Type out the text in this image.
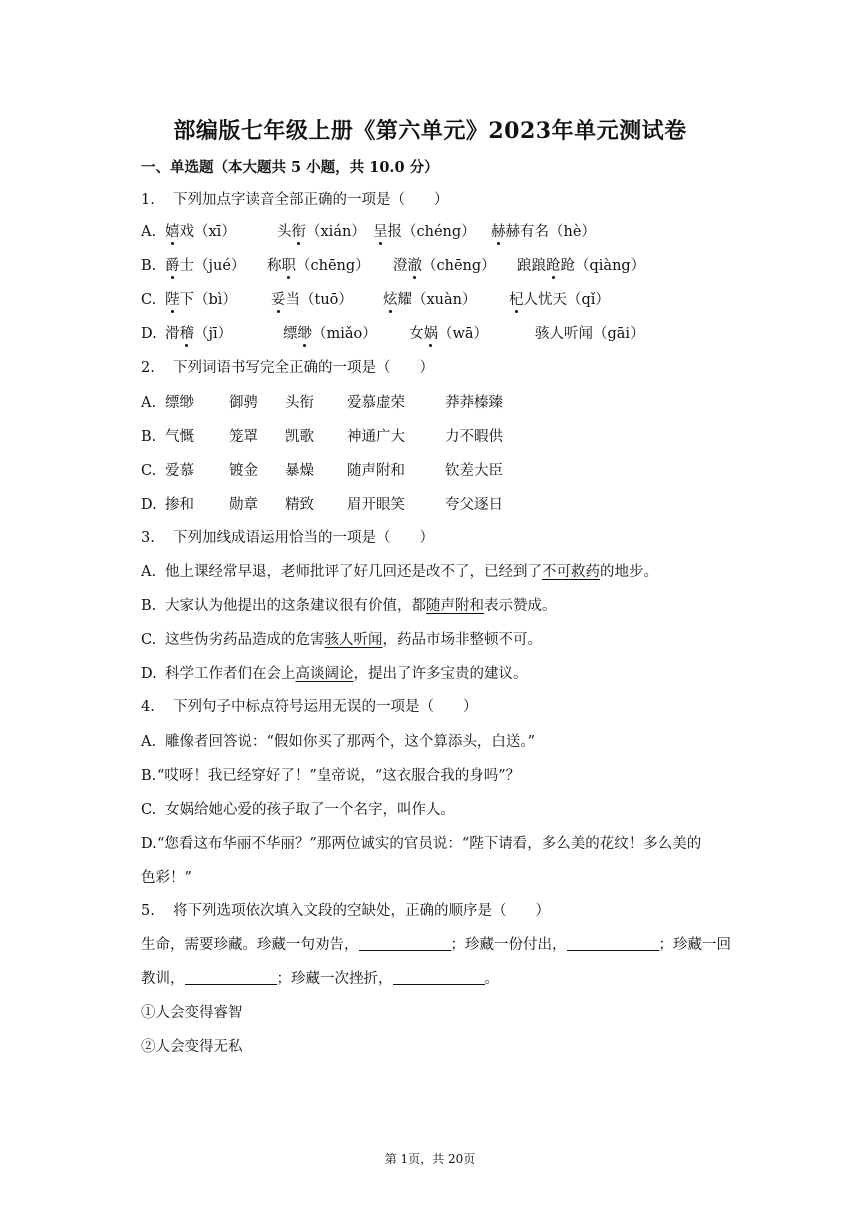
部编版七年级上册《第六单元》2023年单元测试卷
一、单选题（本大题共 5 小题，共 10.0 分）
1. 下列加点字读音全部正确的一项是（　　）
A. 嬉戏（xī）	头衔（xián） 呈报（chéng） 赫赫有名（hè）
B. 爵士（jué） 称职（chēng） 澄澈（chēng） 踉踉跄跄（qiàng）
C. 陛下（bì） 妥当（tuō） 炫耀（xuàn） 杞人忧天（qǐ）
D. 滑稽（jī）	缥缈（miǎo） 女娲（wā）	骇人听闻（gāi）
2. 下列词语书写完全正确的一项是（　　）
A. 缥缈 御骋 头衔 爱慕虚荣	莽莽榛臻
B. 气慨 笼罩 凯歌 神通广大	力不暇供
C. 爱慕 镀金 暴燥 随声附和	钦差大臣
D. 掺和 勋章 精致 眉开眼笑	夸父逐日
3. 下列加线成语运用恰当的一项是（　　）
A. 他上课经常早退，老师批评了好几回还是改不了，已经到了不可救药的地步。
B. 大家认为他提出的这条建议很有价值，都随声附和表示赞成。
C. 这些伪劣药品造成的危害骇人听闻，药品市场非整顿不可。
D. 科学工作者们在会上高谈阔论，提出了许多宝贵的建议。
4. 下列句子中标点符号运用无误的一项是（　　）
A. 雕像者回答说：“假如你买了那两个，这个算添头，白送。”
B.“哎呀！我已经穿好了！”皇帝说，“这衣服合我的身吗”？
C. 女娲给她心爱的孩子取了一个名字，叫作人。
D.“您看这布华丽不华丽？”那两位诚实的官员说：“陛下请看，多么美的花纹！多么美的
色彩！”
5. 将下列选项依次填入文段的空缺处，正确的顺序是（　　）
生命，需要珍藏。珍藏一句劝告，	；珍藏一份付出，	；珍藏一回
教训，	；珍藏一次挫折，	。
①人会变得睿智
②人会变得无私
第 1页，共 20页
